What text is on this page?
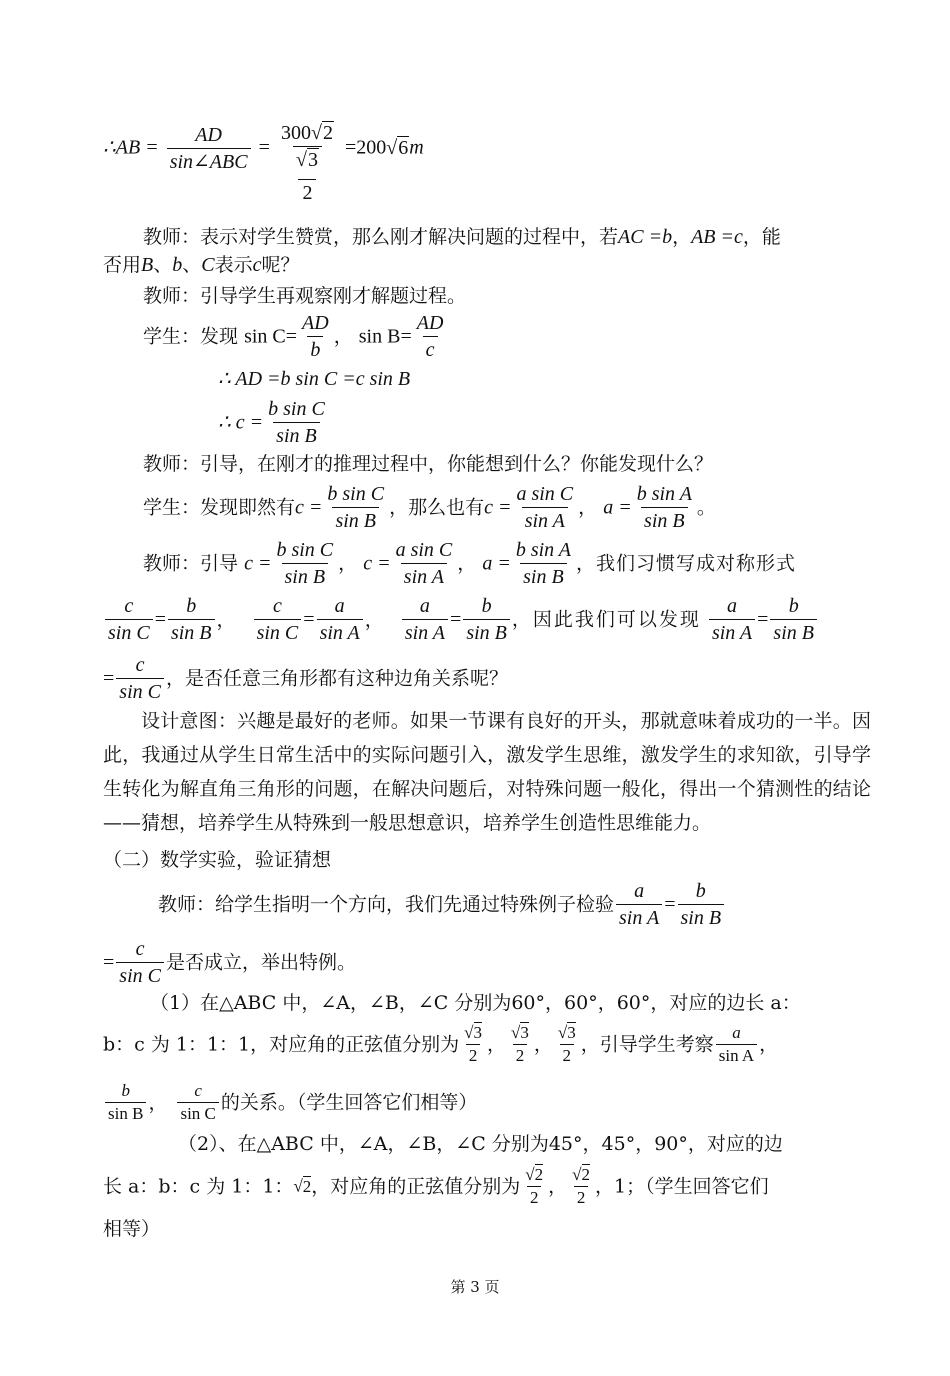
∴AB = $\frac{AD}{\text{sin∠ABC}} = 300√2$
√3
2 =200√6m
教师：表示对学生赞赏，那么刚才解决问题的过程中，若AC =b，AB =c，能
否用B、b、C表示c呢？
教师：引导学生再观察刚才解题过程。
学生：发现 $\sin C= \frac{AD}{b}$ ， $\sin B= \frac{AD}{c}$
∴ AD =b sin C =c sin B
∴ $c = \frac{\text{b sin C}}{\text{sin B}}$
教师：引导，在刚才的推理过程中，你能想到什么？你能发现什么？
学生：发现即然有$c = \frac{\text{b sin C}}{\text{sin B}}$ ，那么也有$c = \frac{\text{a sin C}}{\text{sin A}}$ ， $a = \frac{\text{b sin A}}{\text{sin B}}$ 。
教师：引导 $c = \frac{\text{b sin C}}{\text{sin B}}$ ， $c = \frac{\text{a sin C}}{\text{sin A}}$ ， $a = \frac{\text{b sin A}}{\text{sin B}}$ ，我们习惯写成对称形式
$\frac{c}{\text{sin C}} = \frac{b}{\text{sin B}}$ ， $\frac{c}{\text{sin C}} = \frac{a}{\text{sin A}}$ ， $\frac{a}{\text{sin A}} = \frac{b}{\text{sin B}}$ ，因此我们可以发现 $\frac{a}{\text{sin A}} = \frac{b}{\text{sin B}}$
= $\frac{c}{\text{sin C}}$ ，是否任意三角形都有这种边角关系呢？
设计意图：兴趣是最好的老师。如果一节课有良好的开头，那就意味着成功的一半。因此，我通过从学生日常生活中的实际问题引入，激发学生思维，激发学生的求知欲，引导学生转化为解直角三角形的问题，在解决问题后，对特殊问题一般化，得出一个猜测性的结论——猜想，培养学生从特殊到一般思想意识，培养学生创造性思维能力。
（二）数学实验，验证猜想
教师：给学生指明一个方向，我们先通过特殊例子检验 $\frac{a}{\text{sin A}} = \frac{b}{\text{sin B}}$
= $\frac{c}{\text{sin C}}$ 是否成立，举出特例。
（1）在△ABC 中，∠A，∠B，∠C 分别为60°，60°，60°，对应的边长 a：
b：c 为 1：1：1，对应角的正弦值分别为 $\frac{√3}{2}$ ， $\frac{√3}{2}$ ， $\frac{√3}{2}$ ，引导学生考察 $\frac{a}{\text{sin A}}$ ，
$\frac{b}{\text{sin B}}$ ， $\frac{c}{\text{sin C}}$ 的关系。（学生回答它们相等）
（2）、在△ABC 中，∠A，∠B，∠C 分别为45°，45°，90°，对应的边
长 a：b：c 为 1：1：√2，对应角的正弦值分别为 $\frac{√2}{2}$ ， $\frac{√2}{2}$ ，1；（学生回答它们
相等）
第 3 页
